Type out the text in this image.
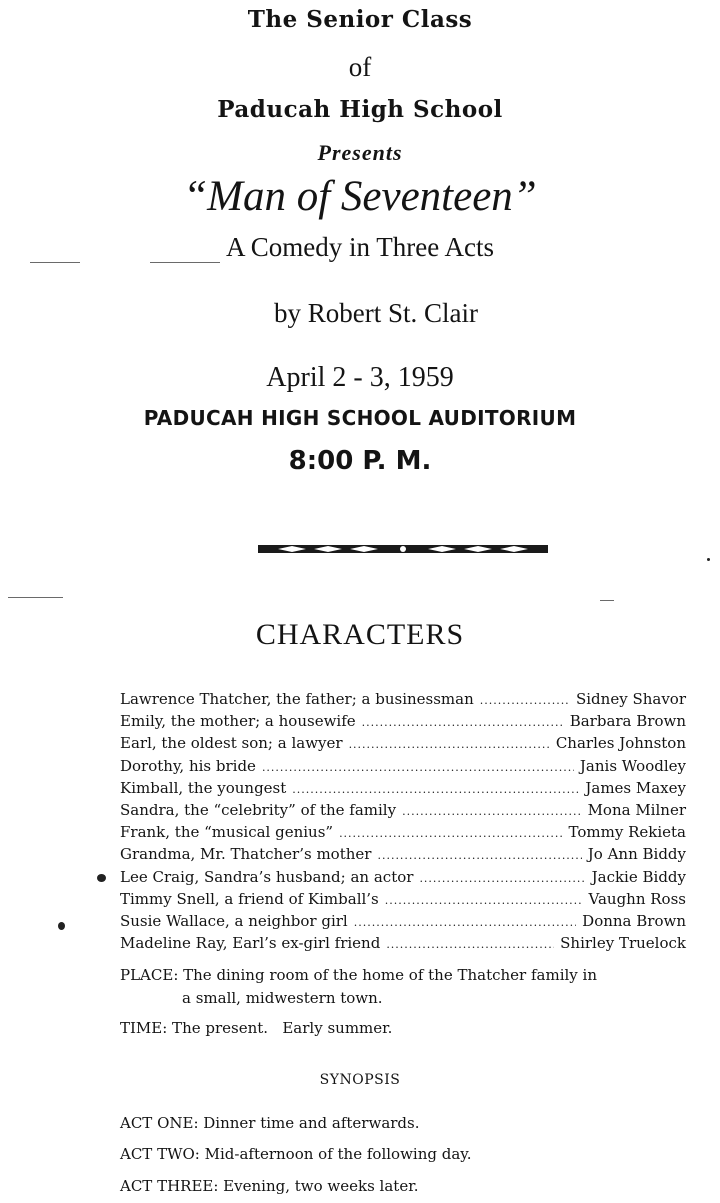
The Senior Class
of
Paducah High School
Presents
“Man of Seventeen”
A Comedy in Three Acts
by Robert St. Clair
April 2 - 3, 1959
PADUCAH HIGH SCHOOL AUDITORIUM
8:00 P. M.
CHARACTERS
Lawrence Thatcher, the father; a businessman .....	Sidney Shavor
Emily, the mother; a housewife .....	Barbara Brown
Earl, the oldest son; a lawyer .....	Charles Johnston
Dorothy, his bride .....	Janis Woodley
Kimball, the youngest .....	James Maxey
Sandra, the “celebrity” of the family .....	Mona Milner
Frank, the “musical genius” .....	Tommy Rekieta
Grandma, Mr. Thatcher’s mother .....	Jo Ann Biddy
Lee Craig, Sandra’s husband; an actor .....	Jackie Biddy
Timmy Snell, a friend of Kimball’s .....	Vaughn Ross
Susie Wallace, a neighbor girl .....	Donna Brown
Madeline Ray, Earl’s ex-girl friend .....	Shirley Truelock
PLACE: The dining room of the home of the Thatcher family in
a small, midwestern town.
TIME: The present.   Early summer.
SYNOPSIS
ACT ONE: Dinner time and afterwards.
ACT TWO: Mid-afternoon of the following day.
ACT THREE: Evening, two weeks later.
